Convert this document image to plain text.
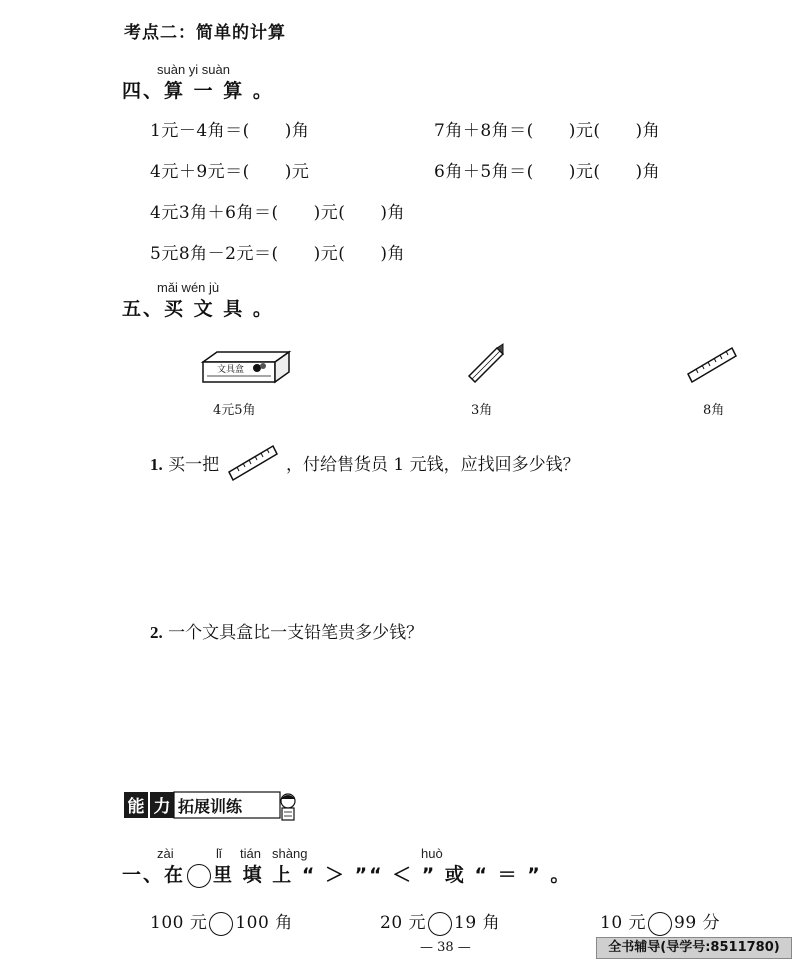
考点二：简单的计算
suàn yi suàn
四、算 一 算 。
1元－4角＝(　　)角
4元＋9元＝(　　)元
4元3角＋6角＝(　　)元(　　)角
5元8角－2元＝(　　)元(　　)角
7角＋8角＝(　　)元(　　)角
6角＋5角＝(　　)元(　　)角
mǎi wén jù
五、买 文 具 。
文具盒
4元5角	3角	8角
1. 买一把	，付给售货员 1 元钱，应找回多少钱？
2. 一个文具盒比一支铅笔贵多少钱？
能 力 拓展训练
zài	lǐ tián shàng	huò
一、在 里 填 上 “ ＞ ”“ ＜ ” 或 “ ＝ ” 。
100 元 100 角	20 元 19 角	10 元 99 分
— 38 —	全书辅导(导学号:8511780)
